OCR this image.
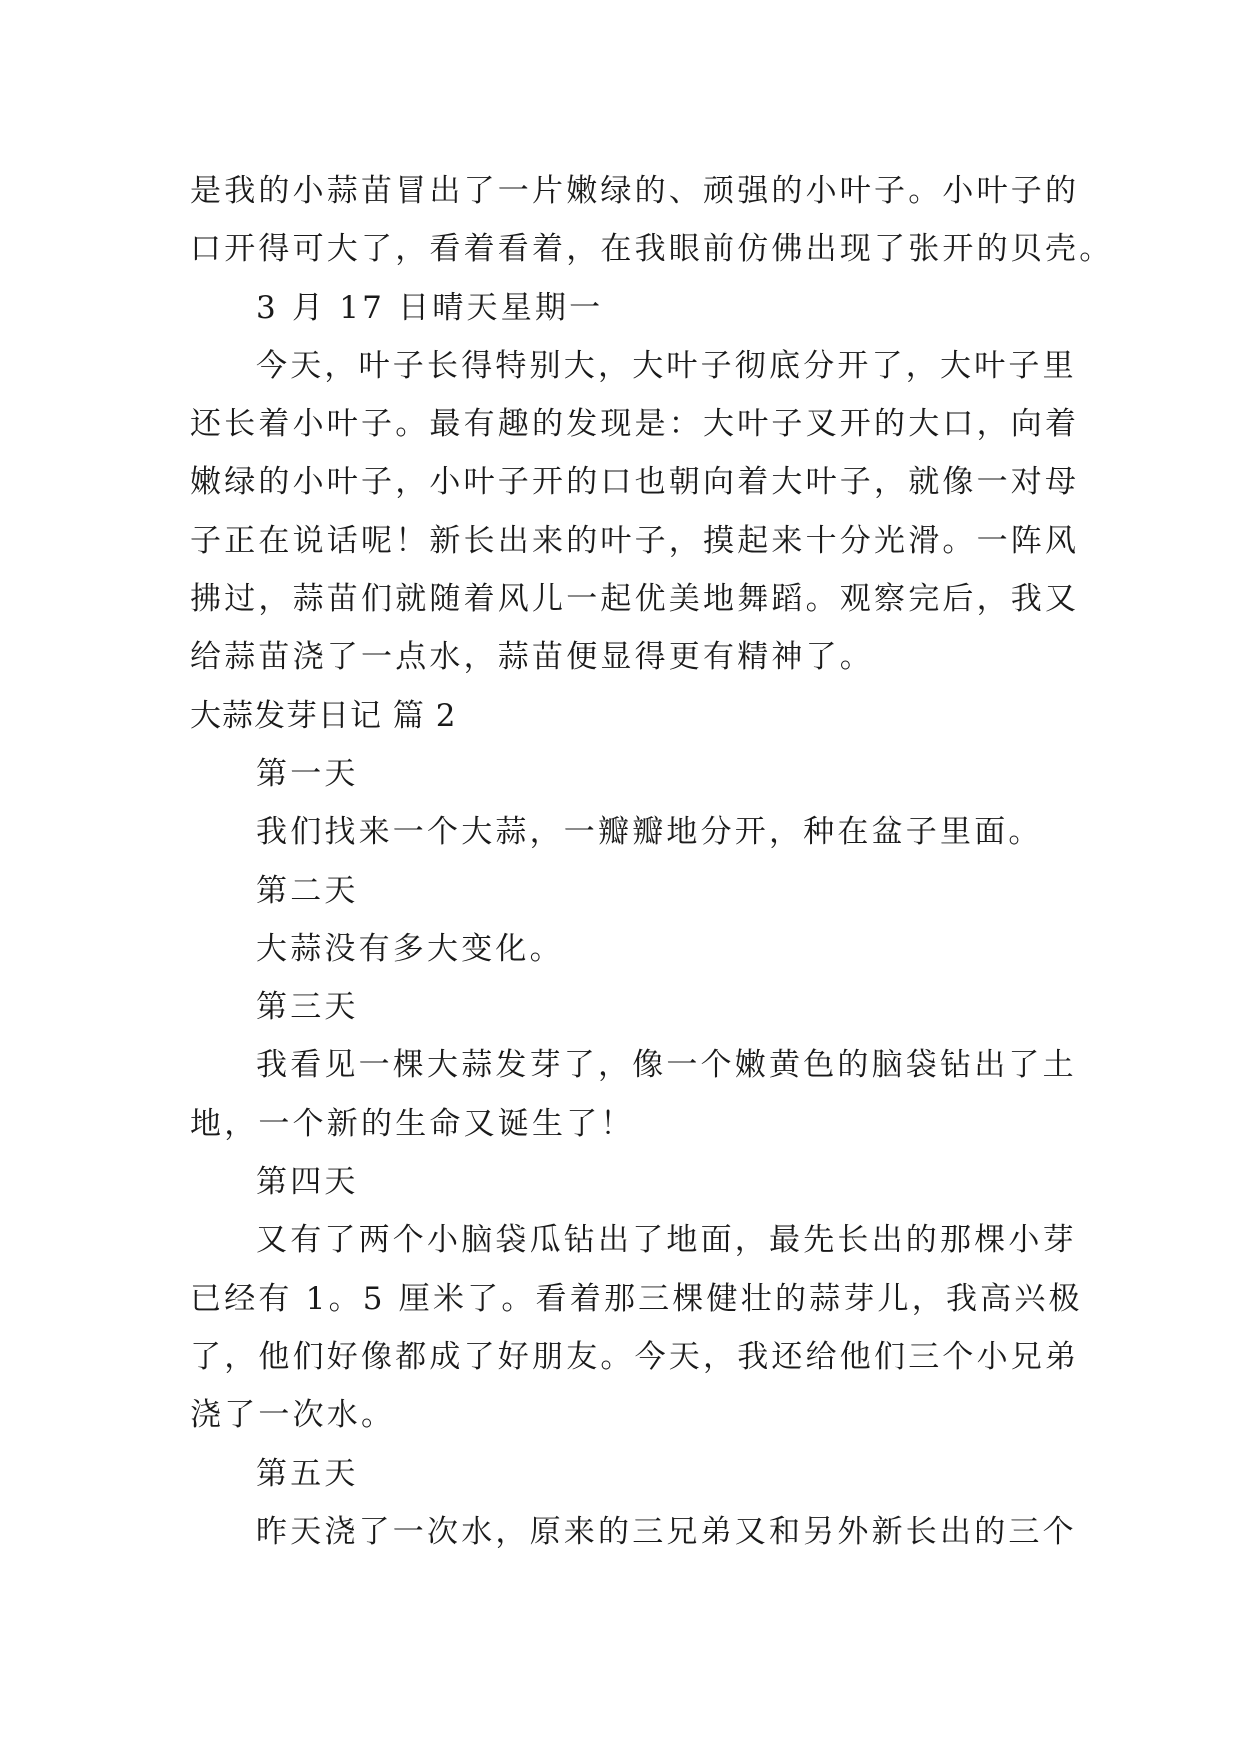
是我的小蒜苗冒出了一片嫩绿的、顽强的小叶子。小叶子的

口开得可大了，看着看着，在我眼前仿佛出现了张开的贝壳。

3 月 17 日晴天星期一

今天，叶子长得特别大，大叶子彻底分开了，大叶子里

还长着小叶子。最有趣的发现是：大叶子叉开的大口，向着

嫩绿的小叶子，小叶子开的口也朝向着大叶子，就像一对母

子正在说话呢！新长出来的叶子，摸起来十分光滑。一阵风

拂过，蒜苗们就随着风儿一起优美地舞蹈。观察完后，我又

给蒜苗浇了一点水，蒜苗便显得更有精神了。

大蒜发芽日记 篇 2

第一天

我们找来一个大蒜，一瓣瓣地分开，种在盆子里面。

第二天

大蒜没有多大变化。

第三天

我看见一棵大蒜发芽了，像一个嫩黄色的脑袋钻出了土

地，一个新的生命又诞生了！

第四天

又有了两个小脑袋瓜钻出了地面，最先长出的那棵小芽

已经有 1。5 厘米了。看着那三棵健壮的蒜芽儿，我高兴极

了，他们好像都成了好朋友。今天，我还给他们三个小兄弟

浇了一次水。

第五天

昨天浇了一次水，原来的三兄弟又和另外新长出的三个
